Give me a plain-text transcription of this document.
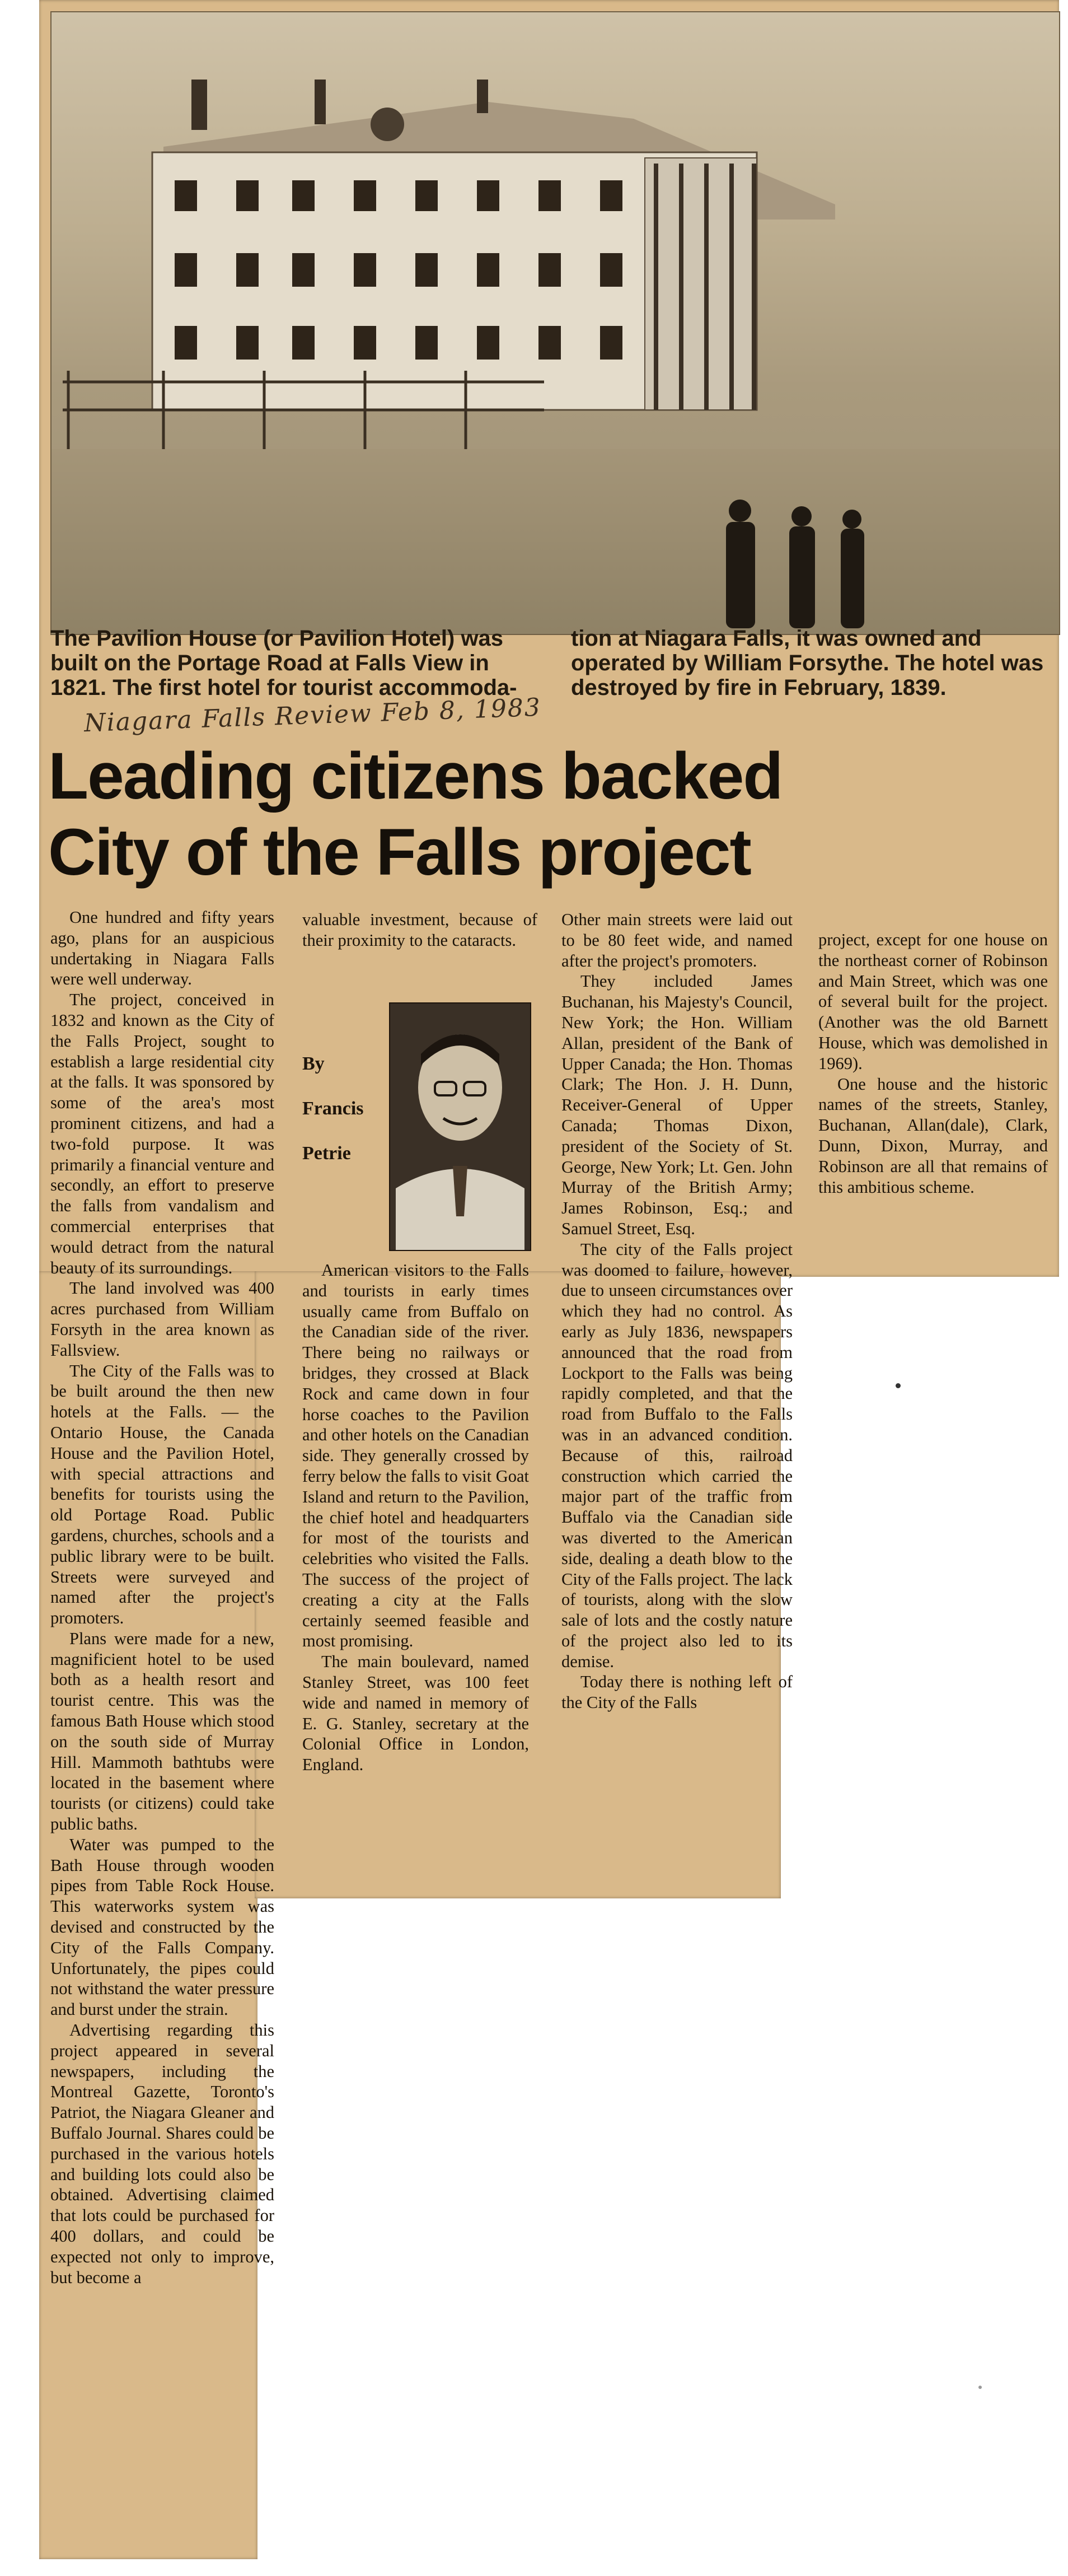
The Pavilion House (or Pavilion Hotel) was built on the Portage Road at Falls View in 1821. The first hotel for tourist accommoda-
tion at Niagara Falls, it was owned and operated by William Forsythe. The hotel was destroyed by fire in February, 1839.
Niagara Falls Review Feb 8, 1983
Leading citizens backed
City of the Falls project

One hundred and fifty years ago, plans for an auspicious undertaking in Niagara Falls were well underway.

The project, conceived in 1832 and known as the City of the Falls Project, sought to establish a large residential city at the falls. It was sponsored by some of the area's most prominent citizens, and had a two-fold purpose. It was primarily a financial venture and secondly, an effort to preserve the falls from vandalism and commercial enterprises that would detract from the natural beauty of its surroundings.

The land involved was 400 acres purchased from William Forsyth in the area known as Fallsview.

The City of the Falls was to be built around the then new hotels at the Falls. — the Ontario House, the Canada House and the Pavilion Hotel, with special attractions and benefits for tourists using the old Portage Road. Public gardens, churches, schools and a public library were to be built. Streets were surveyed and named after the project's promoters.

Plans were made for a new, magnificient hotel to be used both as a health resort and tourist centre. This was the famous Bath House which stood on the south side of Murray Hill. Mammoth bathtubs were located in the basement where tourists (or citizens) could take public baths.

Water was pumped to the Bath House through wooden pipes from Table Rock House. This waterworks system was devised and constructed by the City of the Falls Company. Unfortunately, the pipes could not withstand the water pressure and burst under the strain.

Advertising regarding this project appeared in several newspapers, including the Montreal Gazette, Toronto's Patriot, the Niagara Gleaner and Buffalo Journal. Shares could be purchased in the various hotels and building lots could also be obtained. Advertising claimed that lots could be purchased for 400 dollars, and could be expected not only to improve, but become a

valuable investment, because of their proximity to the cataracts.

By
Francis
Petrie

American visitors to the Falls and tourists in early times usually came from Buffalo on the Canadian side of the river. There being no railways or bridges, they crossed at Black Rock and came down in four horse coaches to the Pavilion and other hotels on the Canadian side. They generally crossed by ferry below the falls to visit Goat Island and return to the Pavilion, the chief hotel and headquarters for most of the tourists and celebrities who visited the Falls. The success of the project of creating a city at the Falls certainly seemed feasible and most promising.

The main boulevard, named Stanley Street, was 100 feet wide and named in memory of E. G. Stanley, secretary at the Colonial Office in London, England.

Other main streets were laid out to be 80 feet wide, and named after the project's promoters.

They included James Buchanan, his Majesty's Council, New York; the Hon. William Allan, president of the Bank of Upper Canada; the Hon. Thomas Clark; The Hon. J. H. Dunn, Receiver-General of Upper Canada; Thomas Dixon, president of the Society of St. George, New York; Lt. Gen. John Murray of the British Army; James Robinson, Esq.; and Samuel Street, Esq.

The city of the Falls project was doomed to failure, however, due to unseen circumstances over which they had no control. As early as July 1836, newspapers announced that the road from Lockport to the Falls was being rapidly completed, and that the road from Buffalo to the Falls was in an advanced condition. Because of this, railroad construction which carried the major part of the traffic from Buffalo via the Canadian side was diverted to the American side, dealing a death blow to the City of the Falls project. The lack of tourists, along with the slow sale of lots and the costly nature of the project also led to its demise.

Today there is nothing left of the City of the Falls

project, except for one house on the northeast corner of Robinson and Main Street, which was one of several built for the project. (Another was the old Barnett House, which was demolished in 1969).

One house and the historic names of the streets, Stanley, Buchanan, Allan(dale), Clark, Dunn, Dixon, Murray, and Robinson are all that remains of this ambitious scheme.
